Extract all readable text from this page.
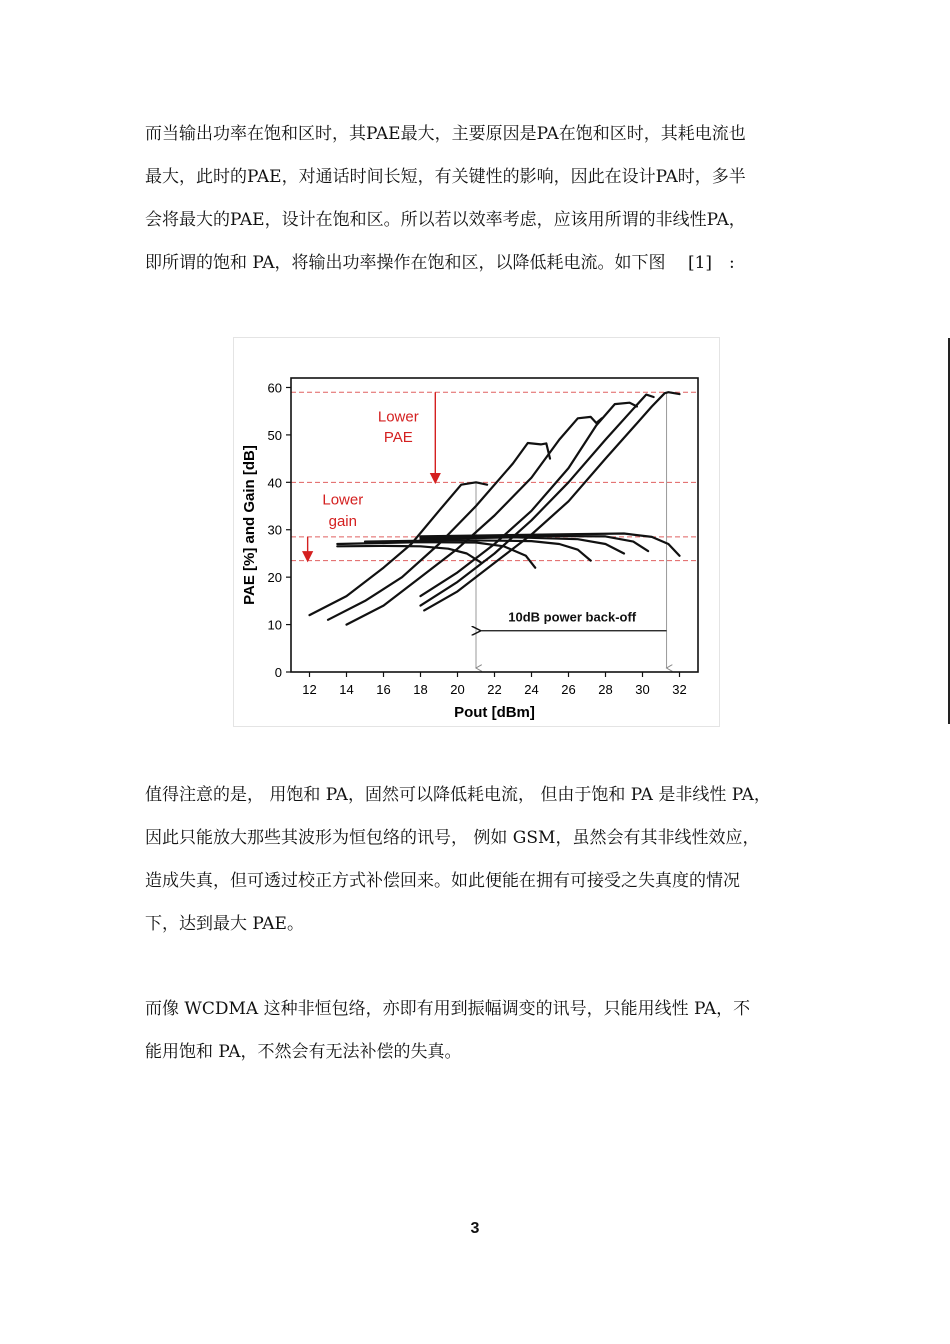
而当输出功率在饱和区时，其PAE最大，主要原因是PA在饱和区时，其耗电流也
最大，此时的PAE，对通话时间长短，有关键性的影响，因此在设计PA时，多半
会将最大的PAE，设计在饱和区。所以若以效率考虑，应该用所谓的非线性PA，
即所谓的饱和 PA，将输出功率操作在饱和区，以降低耗电流。如下图　 [1]　:
12 14 16 18 20 22 24 26 28 30 32
0
10
20
30
40
50
60
Pout [dBm]
PAE [%] and Gain [dB]
Lower
PAE
Lower
gain
10dB power back-off
值得注意的是， 用饱和 PA，固然可以降低耗电流， 但由于饱和 PA 是非线性 PA，
因此只能放大那些其波形为恒包络的讯号， 例如 GSM，虽然会有其非线性效应，
造成失真，但可透过校正方式补偿回来。如此便能在拥有可接受之失真度的情况
下，达到最大 PAE。
而像 WCDMA 这种非恒包络，亦即有用到振幅调变的讯号，只能用线性 PA，不
能用饱和 PA，不然会有无法补偿的失真。
3
